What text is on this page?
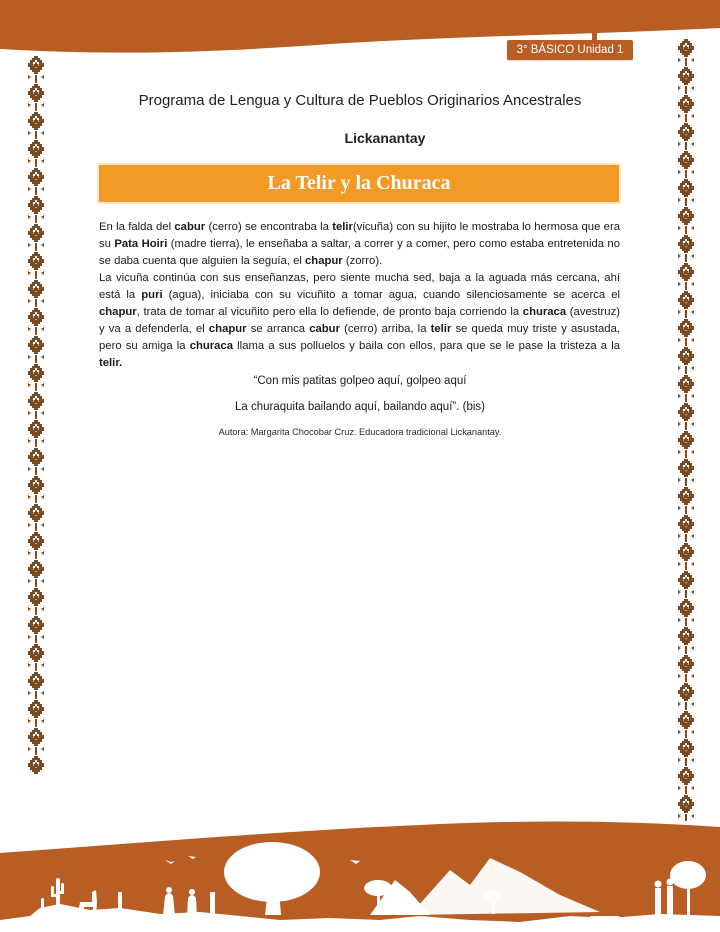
3° BÁSICO Unidad 1
Programa de Lengua y Cultura de Pueblos Originarios Ancestrales
Lickanantay
La Telir y la Churaca

En la falda del cabur (cerro) se encontraba la telir(vicuña) con su hijito le mostraba lo hermosa que era su Pata Hoiri (madre tierra), le enseñaba a saltar, a correr y a comer, pero como estaba entretenida no se daba cuenta que alguien la seguía, el chapur (zorro).

La vicuña continúa con sus enseñanzas, pero siente mucha sed, baja a la aguada más cercana, ahí está la puri (agua), iniciaba con su vicuñito a tomar agua, cuando silenciosamente se acerca el chapur, trata de tomar al vicuñito pero ella lo defiende, de pronto baja corriendo la churaca (avestruz) y va a defenderla, el chapur se arranca cabur (cerro) arriba, la telir se queda muy triste y asustada, pero su amiga la churaca llama a sus polluelos y baila con ellos, para que se le pase la tristeza a la telir.

“Con mis patitas golpeo aquí, golpeo aquí
La churaquita bailando aquí, bailando aquí”. (bis)
Autora: Margarita Chocobar Cruz. Educadora tradicional Lickanantay.
